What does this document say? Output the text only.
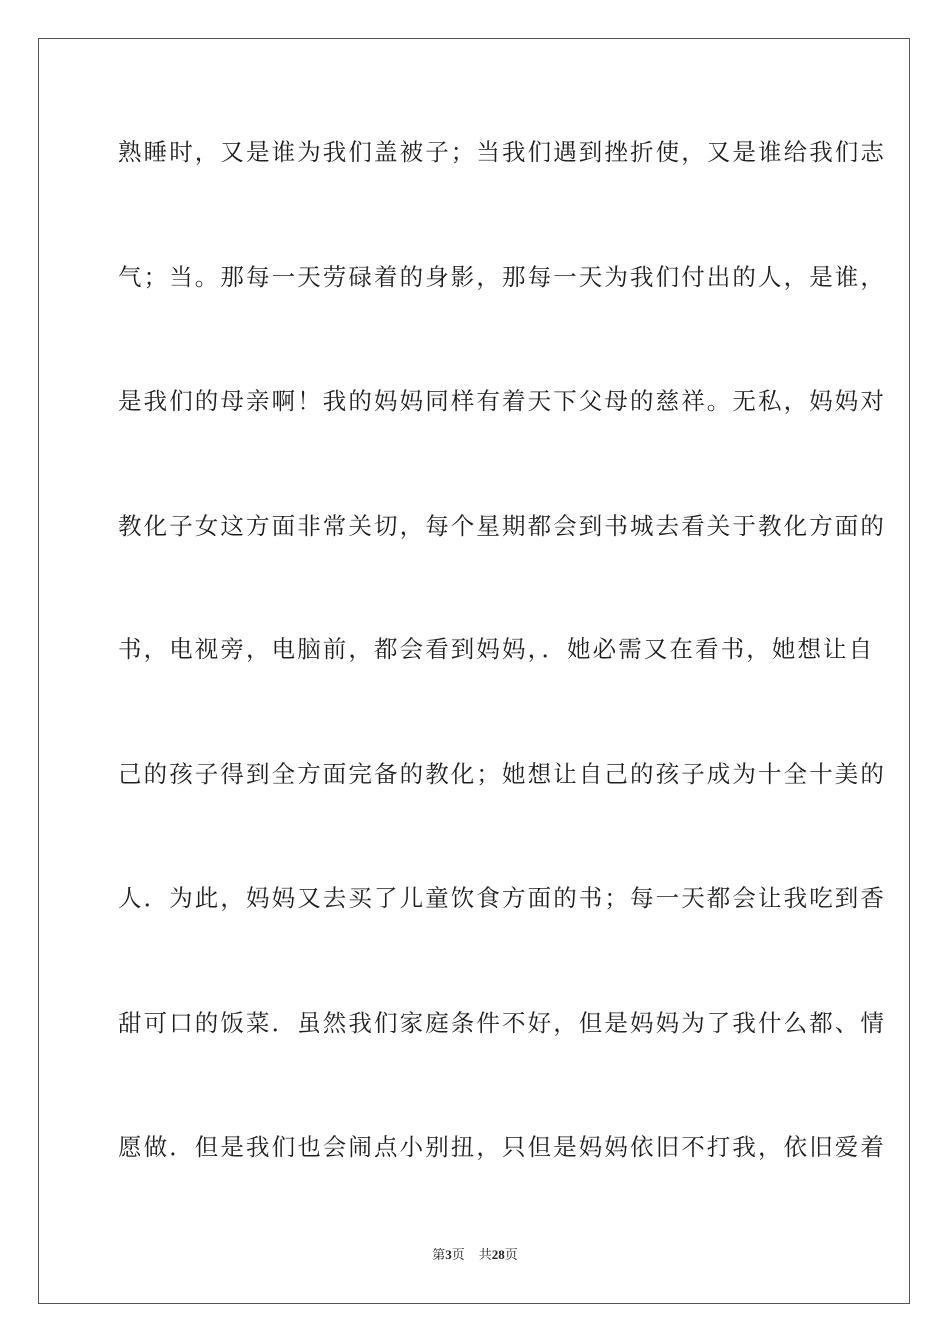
熟睡时，又是谁为我们盖被子；当我们遇到挫折使，又是谁给我们志
气；当。那每一天劳碌着的身影，那每一天为我们付出的人，是谁，
是我们的母亲啊！我的妈妈同样有着天下父母的慈祥。无私，妈妈对
教化子女这方面非常关切，每个星期都会到书城去看关于教化方面的
书，电视旁，电脑前，都会看到妈妈，．她必需又在看书，她想让自
己的孩子得到全方面完备的教化；她想让自己的孩子成为十全十美的
人．为此，妈妈又去买了儿童饮食方面的书；每一天都会让我吃到香
甜可口的饭菜．虽然我们家庭条件不好，但是妈妈为了我什么都、情
愿做．但是我们也会闹点小别扭，只但是妈妈依旧不打我，依旧爱着
第3页 共28页
